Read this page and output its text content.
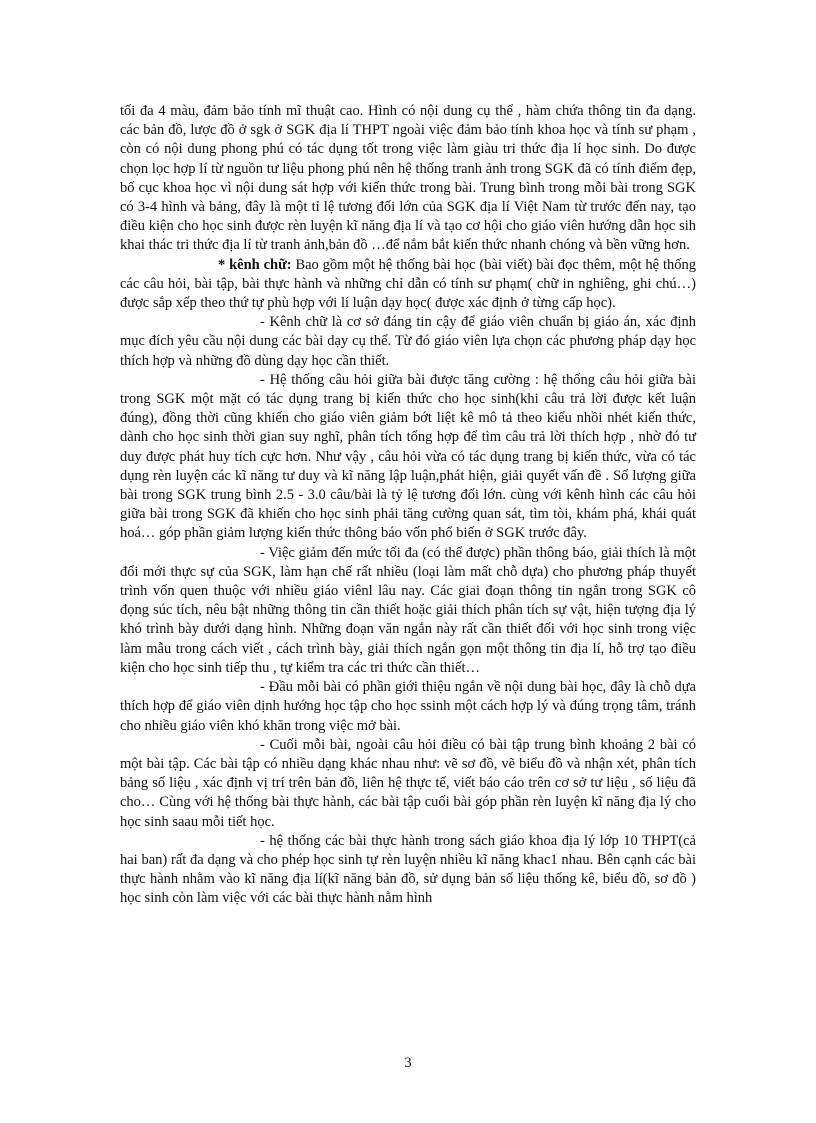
tối đa 4 màu, đảm bảo tính mĩ thuật cao. Hình có nội dung cụ thể , hàm chứa thông tin đa dạng. các bản đồ, lược đồ ở sgk ở SGK địa lí THPT ngoài việc đảm bảo tính khoa học và tính sư phạm , còn có nội dung phong phú có tác dụng tốt trong việc làm giàu tri thức địa lí học sinh. Do được chọn lọc hợp lí từ nguồn tư liệu phong phú nên hệ thống tranh ảnh trong SGK đã có tính điểm đẹp, bố cục khoa học vì nội dung sát hợp với kiến thức trong bài. Trung bình trong mỗi bài trong SGK có 3-4 hình và bảng, đây là một tỉ lệ tương đối lớn của SGK địa lí Việt Nam từ trước đến nay, tạo điều kiện cho học sinh được rèn luyện kĩ năng địa lí và tạo cơ hội cho giáo viên hướng dẫn học sih khai thác tri thức địa lí từ tranh ảnh,bản đồ …để nắm bắt kiến thức nhanh chóng và bền vững hơn.

* kênh chữ: Bao gồm một hệ thống bài học (bài viết) bài đọc thêm, một hệ thống các câu hỏi, bài tập, bài thực hành và những chỉ dẫn có tính sư phạm( chữ in nghiêng, ghi chú…) được sắp xếp theo thứ tự phù hợp với lí luận dạy học( được xác định ở từng cấp học).

- Kênh chữ là cơ sở đáng tin cậy để giáo viên chuẩn bị giáo án, xác định mục đích yêu cầu nội dung các bài dạy cụ thể. Từ đó giáo viên lựa chọn các phương pháp dạy học thích hợp và những đồ dùng dạy học cần thiết.

- Hệ thống câu hỏi giữa bài được tăng cường : hệ thống câu hỏi giữa bài trong SGK một mặt có tác dụng trang bị kiến thức cho học sinh(khi câu trả lời được kết luận đúng), đồng thời cũng khiến cho giáo viên giảm bớt liệt kê mô tả theo kiểu nhồi nhét kiến thức, dành cho học sinh thời gian suy nghĩ, phân tích tổng hợp để tìm câu trả lời thích hợp , nhờ đó tư duy được phát huy tích cực hơn. Như vậy , câu hỏi vừa có tác dụng trang bị kiến thức, vừa có tác dụng rèn luyện các kĩ năng tư duy và kĩ năng lập luận,phát hiện, giải quyết vấn đề . Số lượng giữa bài trong SGK trung bình 2.5 - 3.0 câu/bài là tỷ lệ tương đối lớn. cùng với kênh hình các câu hỏi giữa bài trong SGK đã khiến cho học sinh phải tăng cường quan sát, tìm tòi, khám phá, khái quát hoá… góp phần giảm lượng kiến thức thông báo vốn phổ biến ở SGK trước đây.

- Việc giảm đến mức tối đa (có thể được) phần thông báo, giải thích là một đổi mới thực sự của SGK, làm hạn chế rất nhiều (loại làm mất chỗ dựa) cho phương pháp thuyết trình vốn quen thuộc với nhiều giáo viênl lâu nay. Các giai đoạn thông tin ngắn trong SGK cô đọng súc tích, nêu bật những thông tin cần thiết hoặc giải thích phân tích sự vật, hiện tượng địa lý khó trình bày dưới dạng hình. Những đoạn văn ngắn này rất cần thiết đối với học sinh trong việc làm mẫu trong cách viết , cách trình bày, giải thích ngắn gọn một thông tin địa lí, hỗ trợ tạo điều kiện cho học sinh tiếp thu , tự kiểm tra các tri thức cần thiết…

- Đầu mỗi bài có phần giới thiệu ngắn về nội dung bài học, đây là chỗ dựa thích hợp để giáo viên dịnh hướng học tập cho học ssinh một cách hợp lý và đúng trọng tâm, tránh cho nhiều giáo viên khó khăn trong việc mở bài.

- Cuối mỗi bài, ngoài câu hỏi điều có bài tập trung bình khoảng 2 bài có một bài tập. Các bài tập có nhiều dạng khác nhau như: vẽ sơ đồ, vẽ biểu đồ và nhận xét, phân tích bảng số liệu , xác định vị trí trên bản đồ, liên hệ thực tế, viết báo cáo trên cơ sở tư liệu , số liệu đã cho… Cùng với hệ thống bài thực hành, các bài tập cuối bài góp phần rèn luyện kĩ năng địa lý cho học sinh saau mỗi tiết học.

- hệ thống các bài thực hành trong sách giáo khoa địa lý lớp 10 THPT(cả hai ban) rất đa dạng và cho phép học sinh tự rèn luyện nhiều kĩ năng khac1 nhau. Bên cạnh các bài thực hành nhằm vào kĩ năng địa lí(kĩ năng bản đồ, sử dụng bản số liệu thống kê, biểu đồ, sơ đồ ) học sinh còn làm việc với các bài thực hành nằm hình

3
